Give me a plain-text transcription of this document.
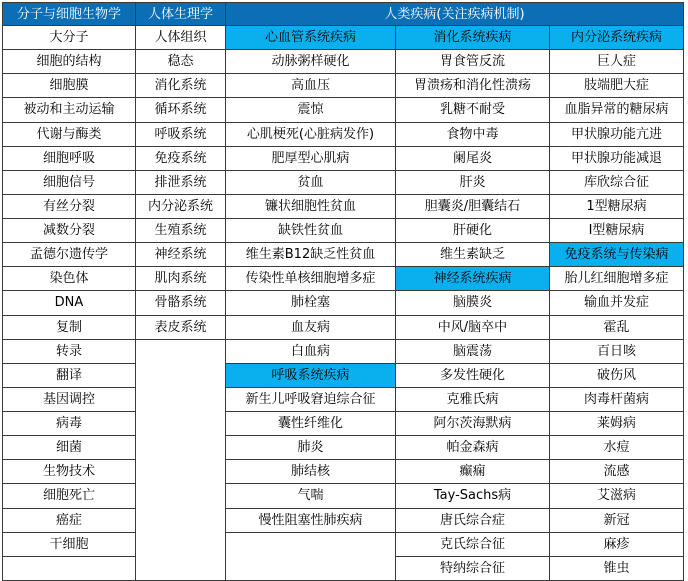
分子与细胞生物学	人体生理学	人类疾病(关注疾病机制)
大分子
细胞的结构
细胞膜
被动和主动运输
代谢与酶类
细胞呼吸
细胞信号
有丝分裂
减数分裂
孟德尔遗传学
染色体
DNA
复制
转录
翻译
基因调控
病毒
细菌
生物技术
细胞死亡
癌症
干细胞
人体组织
稳态
消化系统
循环系统
呼吸系统
免疫系统
排泄系统
内分泌系统
生殖系统
神经系统
肌肉系统
骨骼系统
表皮系统
心血管系统疾病
动脉粥样硬化
高血压
震惊
心肌梗死(心脏病发作)
肥厚型心肌病
贫血
镰状细胞性贫血
缺铁性贫血
维生素B12缺乏性贫血
传染性单核细胞增多症
肺栓塞
血友病
白血病
呼吸系统疾病
新生儿呼吸窘迫综合征
囊性纤维化
肺炎
肺结核
气喘
慢性阻塞性肺疾病
消化系统疾病
胃食管反流
胃溃疡和消化性溃疡
乳糖不耐受
食物中毒
阑尾炎
肝炎
胆囊炎/胆囊结石
肝硬化
维生素缺乏
神经系统疾病
脑膜炎
中风/脑卒中
脑震荡
多发性硬化
克雅氏病
阿尔茨海默病
帕金森病
癫痫
Tay-Sachs病
唐氏综合症
克氏综合征
特纳综合征
内分泌系统疾病
巨人症
肢端肥大症
血脂异常的糖尿病
甲状腺功能亢进
甲状腺功能减退
库欣综合征
1型糖尿病
I型糖尿病
免疫系统与传染病
胎儿红细胞增多症
输血并发症
霍乱
百日咳
破伤风
肉毒杆菌病
莱姆病
水痘
流感
艾滋病
新冠
麻疹
锥虫
